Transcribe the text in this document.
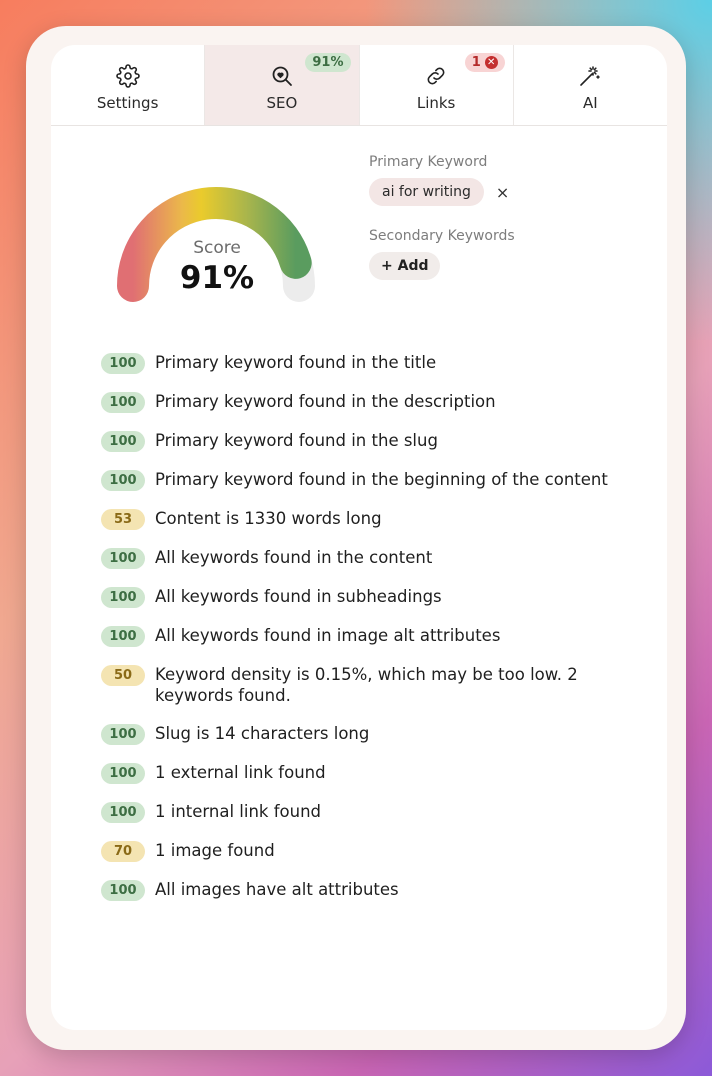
Settings
91%
SEO
1 ✕
Links	AI
Score
91%
Primary Keyword
ai for writing	×
Secondary Keywords
+ Add
100	Primary keyword found in the title
100	Primary keyword found in the description
100	Primary keyword found in the slug
100	Primary keyword found in the beginning of the content
53	Content is 1330 words long
100	All keywords found in the content
100	All keywords found in subheadings
100	All keywords found in image alt attributes
50	Keyword density is 0.15%, which may be too low. 2 keywords found.
100	Slug is 14 characters long
100	1 external link found
100	1 internal link found
70	1 image found
100	All images have alt attributes
